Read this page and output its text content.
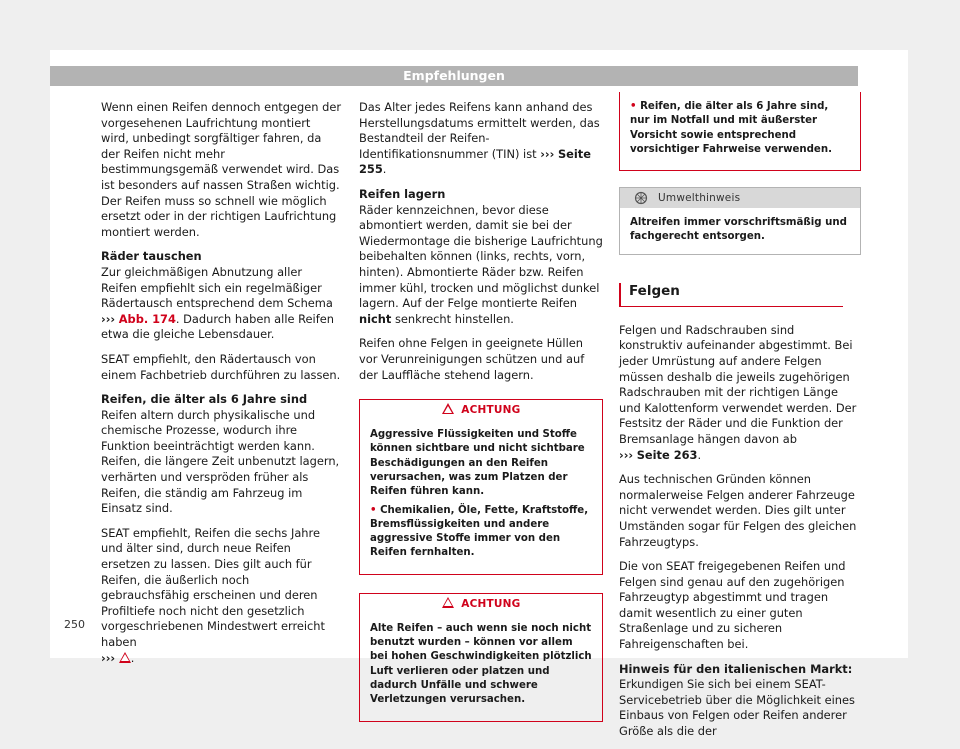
Empfehlungen

Wenn einen Reifen dennoch entgegen der vorgesehenen Laufrichtung montiert wird, unbedingt sorgfältiger fahren, da der Reifen nicht mehr bestimmungsgemäß verwendet wird. Das ist besonders auf nassen Straßen wichtig. Der Reifen muss so schnell wie möglich ersetzt oder in der richtigen Laufrichtung montiert werden.

Räder tauschen

Zur gleichmäßigen Abnutzung aller Reifen empfiehlt sich ein regelmäßiger Rädertausch entsprechend dem Schema ››› Abb. 174. Dadurch haben alle Reifen etwa die gleiche Lebensdauer.

SEAT empfiehlt, den Rädertausch von einem Fachbetrieb durchführen zu lassen.

Reifen, die älter als 6 Jahre sind

Reifen altern durch physikalische und chemische Prozesse, wodurch ihre Funktion beeinträchtigt werden kann. Reifen, die längere Zeit unbenutzt lagern, verhärten und verspröden früher als Reifen, die ständig am Fahrzeug im Einsatz sind.

SEAT empfiehlt, Reifen die sechs Jahre und älter sind, durch neue Reifen ersetzen zu lassen. Dies gilt auch für Reifen, die äußerlich noch gebrauchsfähig erscheinen und deren Profiltiefe noch nicht den gesetzlich vorgeschriebenen Mindestwert erreicht haben
››› .

Das Alter jedes Reifens kann anhand des Herstellungsdatums ermittelt werden, das Bestandteil der Reifen-Identifikationsnummer (TIN) ist ››› Seite 255.

Reifen lagern

Räder kennzeichnen, bevor diese abmontiert werden, damit sie bei der Wiedermontage die bisherige Laufrichtung beibehalten können (links, rechts, vorn, hinten). Abmontierte Räder bzw. Reifen immer kühl, trocken und möglichst dunkel lagern. Auf der Felge montierte Reifen nicht senkrecht hinstellen.

Reifen ohne Felgen in geeignete Hüllen vor Verunreinigungen schützen und auf der Lauffläche stehend lagern.

ACHTUNG

Aggressive Flüssigkeiten und Stoffe können sichtbare und nicht sichtbare Beschädigungen an den Reifen verursachen, was zum Platzen der Reifen führen kann.

• Chemikalien, Öle, Fette, Kraftstoffe, Bremsflüssigkeiten und andere aggressive Stoffe immer von den Reifen fernhalten.

ACHTUNG

Alte Reifen – auch wenn sie noch nicht benutzt wurden – können vor allem bei hohen Geschwindigkeiten plötzlich Luft verlieren oder platzen und dadurch Unfälle und schwere Verletzungen verursachen.

• Reifen, die älter als 6 Jahre sind, nur im Notfall und mit äußerster Vorsicht sowie entsprechend vorsichtiger Fahrweise verwenden.

Umwelthinweis
Altreifen immer vorschriftsmäßig und fachgerecht entsorgen.
Felgen

Felgen und Radschrauben sind konstruktiv aufeinander abgestimmt. Bei jeder Umrüstung auf andere Felgen müssen deshalb die jeweils zugehörigen Radschrauben mit der richtigen Länge und Kalottenform verwendet werden. Der Festsitz der Räder und die Funktion der Bremsanlage hängen davon ab
››› Seite 263.

Aus technischen Gründen können normalerweise Felgen anderer Fahrzeuge nicht verwendet werden. Dies gilt unter Umständen sogar für Felgen des gleichen Fahrzeugtyps.

Die von SEAT freigegebenen Reifen und Felgen sind genau auf den zugehörigen Fahrzeugtyp abgestimmt und tragen damit wesentlich zu einer guten Straßenlage und zu sicheren Fahreigenschaften bei.

Hinweis für den italienischen Markt: Erkundigen Sie sich bei einem SEAT-Servicebetrieb über die Möglichkeit eines Einbaus von Felgen oder Reifen anderer Größe als die der

250
